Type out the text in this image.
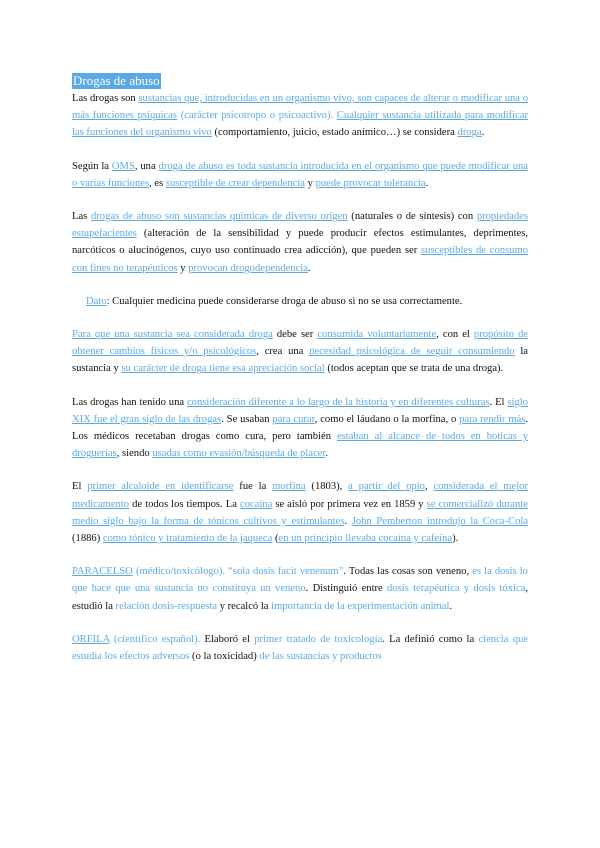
Drogas de abuso

Las drogas son sustancias que, introducidas en un organismo vivo, son capaces de alterar o modificar una o más funciones psíquicas (carácter psicotropo o psicoactivo). Cualquier sustancia utilizada para modificar las funciones del organismo vivo (comportamiento, juicio, estado anímico…) se considera droga.

Según la OMS, una droga de abuso es toda sustancia introducida en el organismo que puede modificar una o varias funciones, es susceptible de crear dependencia y puede provocar tolerancia.

Las drogas de abuso son sustancias químicas de diverso origen (naturales o de síntesis) con propiedades estupefacientes (alteración de la sensibilidad y puede producir efectos estimulantes, deprimentes, narcóticos o alucinógenos, cuyo uso continuado crea adicción), que pueden ser susceptibles de consumo con fines no terapéuticos y provocan drogodependencia.

Dato: Cualquier medicina puede considerarse droga de abuso si no se usa correctamente.

Para que una sustancia sea considerada droga debe ser consumida voluntariamente, con el propósito de obtener cambios físicos y/o psicológicos, crea una necesidad psicológica de seguir consumiendo la sustancia y su carácter de droga tiene esa apreciación social (todos aceptan que se trata de una droga).

Las drogas han tenido una consideración diferente a lo largo de la historia y en diferentes culturas. El siglo XIX fue el gran siglo de las drogas. Se usaban para curar, como el láudano o la morfina, o para rendir más. Los médicos recetaban drogas como cura, pero también estaban al alcance de todos en boticas y droguerías, siendo usadas como evasión/búsqueda de placer.

El primer alcaloide en identificarse fue la morfina (1803), a partir del opio, considerada el mejor medicamento de todos los tiempos. La cocaína se aisló por primera vez en 1859 y se comercializó durante medio siglo bajo la forma de tónicos cultivos y estimulantes. John Pemberton introdujo la Coca-Cola (1886) como tónico y tratamiento de la jaqueca (en un principio llevaba cocaína y cafeína).

PARACELSO (médico/toxicólogo). “sola dosis facit venenum”. Todas las cosas son veneno, es la dosis lo que hace que una sustancia no constituya un veneno. Distinguió entre dosis terapéutica y dosis tóxica, estudió la relación dosis-respuesta y recalcó la importancia de la experimentación animal.

ORFILA (científico español). Elaboró el primer tratado de toxicología. La definió como la ciencia que estudia los efectos adversos (o la toxicidad) de las sustancias y productos
